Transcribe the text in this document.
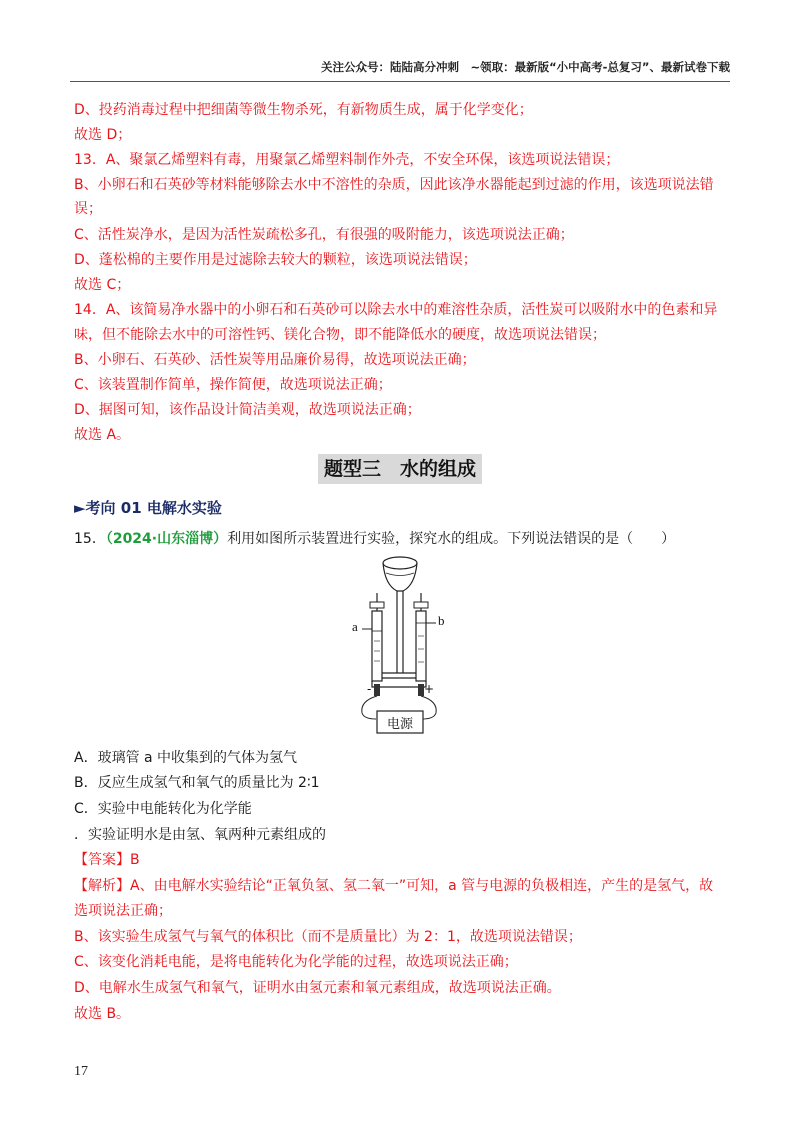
关注公众号：陆陆高分冲刺　~领取：最新版“小中高考-总复习”、最新试卷下载
D、投药消毒过程中把细菌等微生物杀死，有新物质生成，属于化学变化；
故选 D；
13．A、聚氯乙烯塑料有毒，用聚氯乙烯塑料制作外壳，不安全环保，该选项说法错误；
B、小卵石和石英砂等材料能够除去水中不溶性的杂质，因此该净水器能起到过滤的作用，该选项说法错
误；
C、活性炭净水，是因为活性炭疏松多孔，有很强的吸附能力，该选项说法正确；
D、蓬松棉的主要作用是过滤除去较大的颗粒，该选项说法错误；
故选 C；
14．A、该简易净水器中的小卵石和石英砂可以除去水中的难溶性杂质，活性炭可以吸附水中的色素和异
味，但不能除去水中的可溶性钙、镁化合物，即不能降低水的硬度，故选项说法错误；
B、小卵石、石英砂、活性炭等用品廉价易得，故选项说法正确；
C、该装置制作简单，操作简便，故选项说法正确；
D、据图可知，该作品设计简洁美观，故选项说法正确；
故选 A。
题型三　水的组成
►考向 01 电解水实验
15．（2024·山东淄博）利用如图所示装置进行实验，探究水的组成。下列说法错误的是（　　）
a	b
-	+
电源
A．玻璃管 a 中收集到的气体为氢气
B．反应生成氢气和氧气的质量比为 2∶1
C．实验中电能转化为化学能
．实验证明水是由氢、氧两种元素组成的
【答案】B
【解析】A、由电解水实验结论“正氧负氢、氢二氧一”可知，a 管与电源的负极相连，产生的是氢气，故
选项说法正确；
B、该实验生成氢气与氧气的体积比（而不是质量比）为 2：1，故选项说法错误；
C、该变化消耗电能，是将电能转化为化学能的过程，故选项说法正确；
D、电解水生成氢气和氧气，证明水由氢元素和氧元素组成，故选项说法正确。
故选 B。
17
